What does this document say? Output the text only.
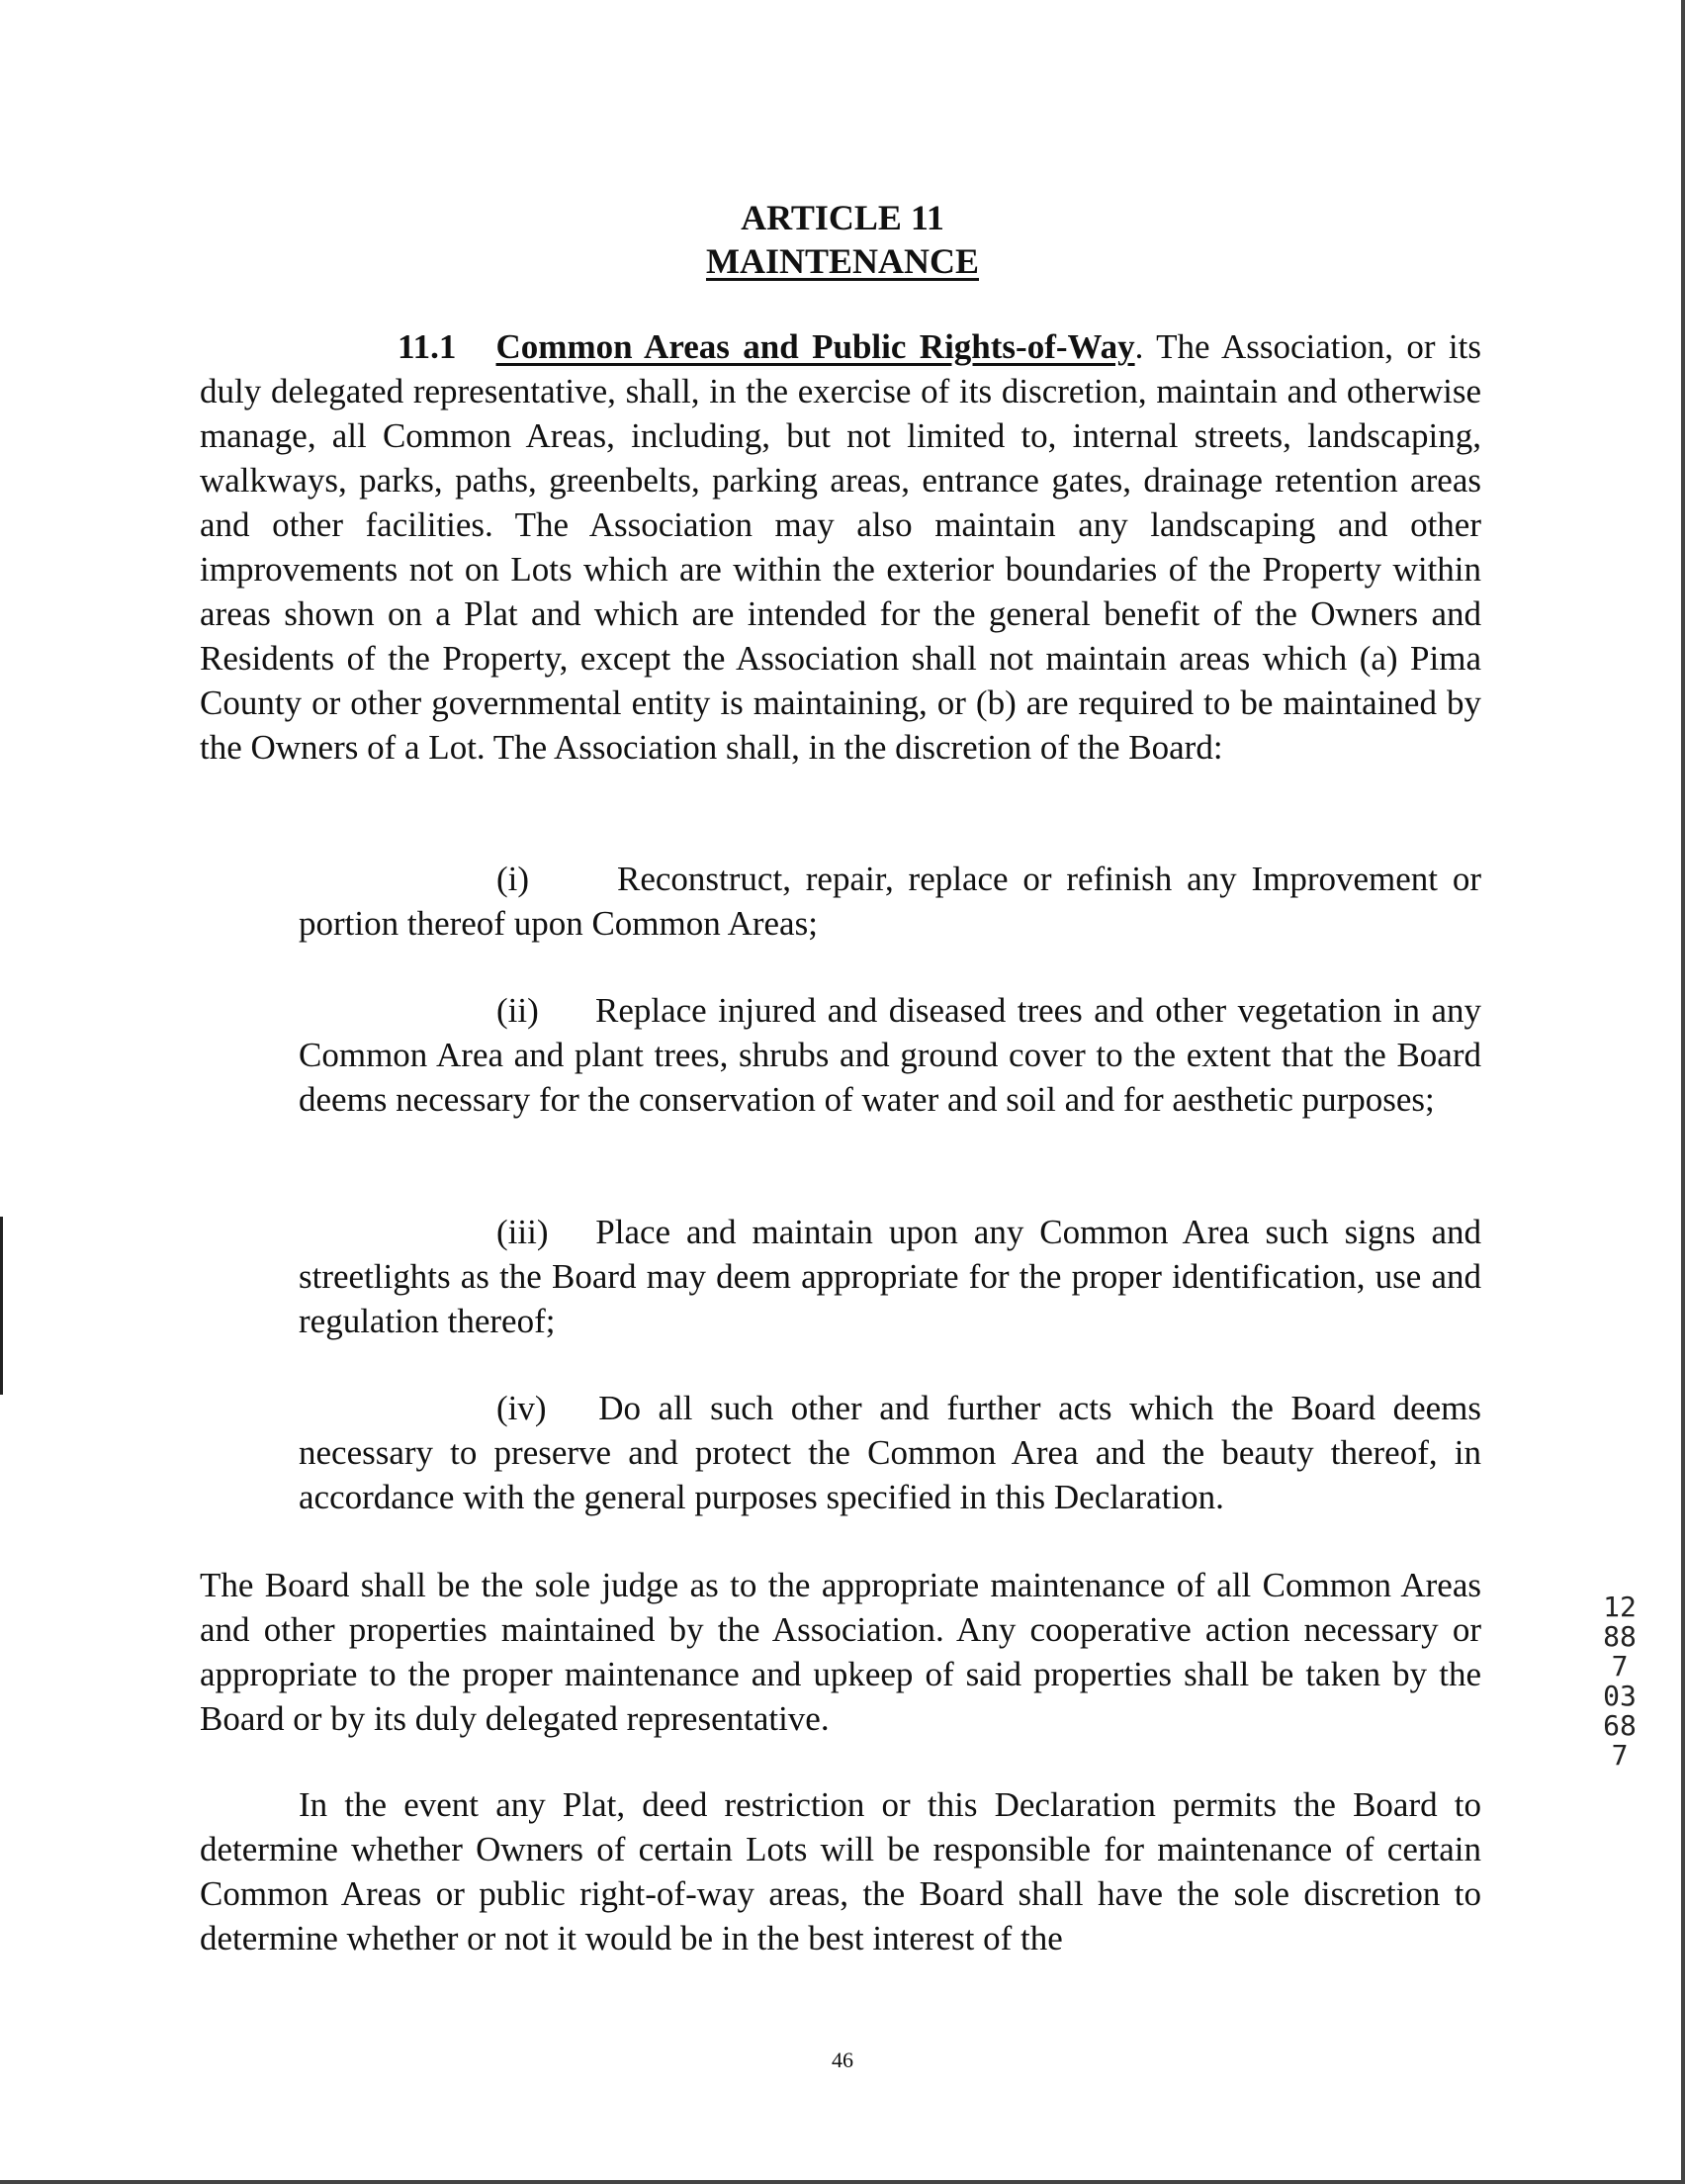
ARTICLE 11
MAINTENANCE

11.1 Common Areas and Public Rights-of-Way. The Association, or its duly delegated representative, shall, in the exercise of its discretion, maintain and otherwise manage, all Common Areas, including, but not limited to, internal streets, landscaping, walkways, parks, paths, greenbelts, parking areas, entrance gates, drainage retention areas and other facilities. The Association may also maintain any landscaping and other improvements not on Lots which are within the exterior boundaries of the Property within areas shown on a Plat and which are intended for the general benefit of the Owners and Residents of the Property, except the Association shall not maintain areas which (a) Pima County or other governmental entity is maintaining, or (b) are required to be maintained by the Owners of a Lot. The Association shall, in the discretion of the Board:

(i)	Reconstruct, repair, replace or refinish any Improvement or portion thereof upon Common Areas;

(ii) Replace injured and diseased trees and other vegetation in any Common Area and plant trees, shrubs and ground cover to the extent that the Board deems necessary for the conservation of water and soil and for aesthetic purposes;

(iii) Place and maintain upon any Common Area such signs and streetlights as the Board may deem appropriate for the proper identification, use and regulation thereof;

(iv) Do all such other and further acts which the Board deems necessary to preserve and protect the Common Area and the beauty thereof, in accordance with the general purposes specified in this Declaration.

The Board shall be the sole judge as to the appropriate maintenance of all Common Areas and other properties maintained by the Association. Any cooperative action necessary or appropriate to the proper maintenance and upkeep of said properties shall be taken by the Board or by its duly delegated representative.

In the event any Plat, deed restriction or this Declaration permits the Board to determine whether Owners of certain Lots will be responsible for maintenance of certain Common Areas or public right-of-way areas, the Board shall have the sole discretion to determine whether or not it would be in the best interest of the

46
12887 03687
